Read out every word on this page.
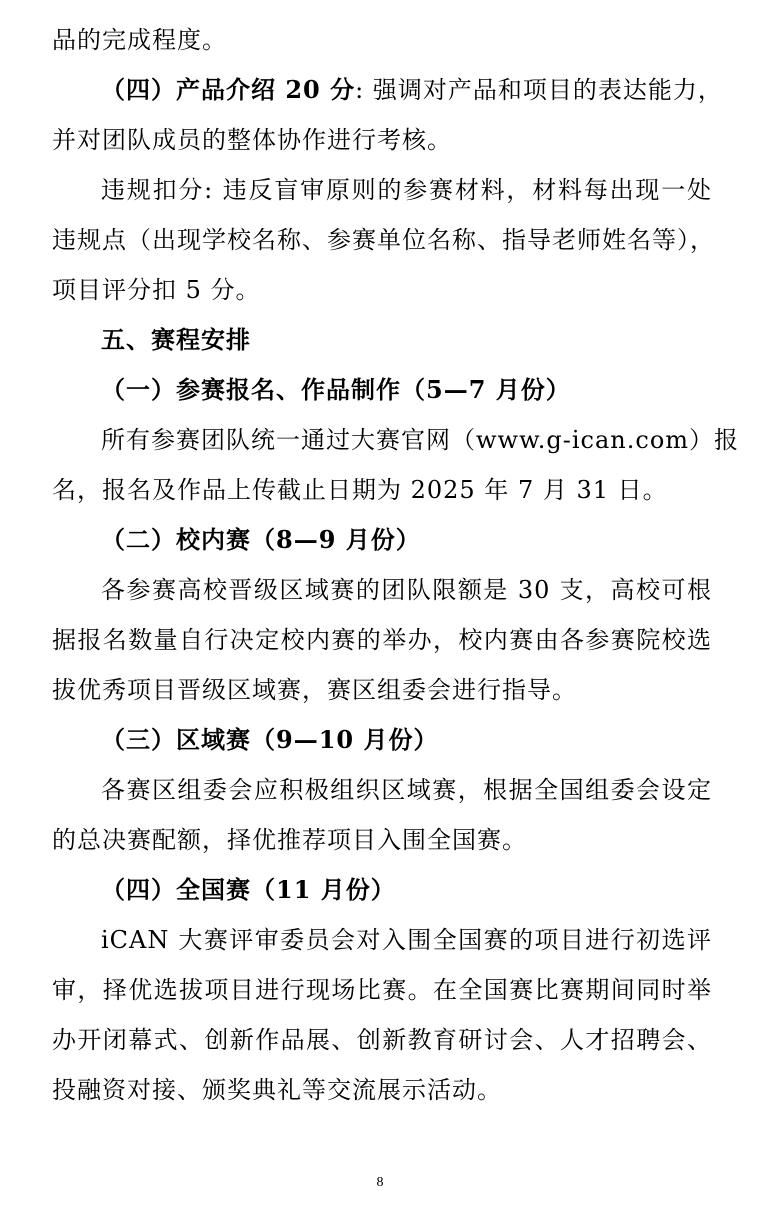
品的完成程度。
（四）产品介绍 20 分: 强调对产品和项目的表达能力，
并对团队成员的整体协作进行考核。
违规扣分: 违反盲审原则的参赛材料，材料每出现一处
违规点（出现学校名称、参赛单位名称、指导老师姓名等），
项目评分扣 5 分。
五、赛程安排
（一）参赛报名、作品制作（5—7 月份）
所有参赛团队统一通过大赛官网（www.g-ican.com）报
名，报名及作品上传截止日期为 2025 年 7 月 31 日。
（二）校内赛（8—9 月份）
各参赛高校晋级区域赛的团队限额是 30 支，高校可根
据报名数量自行决定校内赛的举办，校内赛由各参赛院校选
拔优秀项目晋级区域赛，赛区组委会进行指导。
（三）区域赛（9—10 月份）
各赛区组委会应积极组织区域赛，根据全国组委会设定
的总决赛配额，择优推荐项目入围全国赛。
（四）全国赛（11 月份）
iCAN 大赛评审委员会对入围全国赛的项目进行初选评
审，择优选拔项目进行现场比赛。在全国赛比赛期间同时举
办开闭幕式、创新作品展、创新教育研讨会、人才招聘会、
投融资对接、颁奖典礼等交流展示活动。
8
